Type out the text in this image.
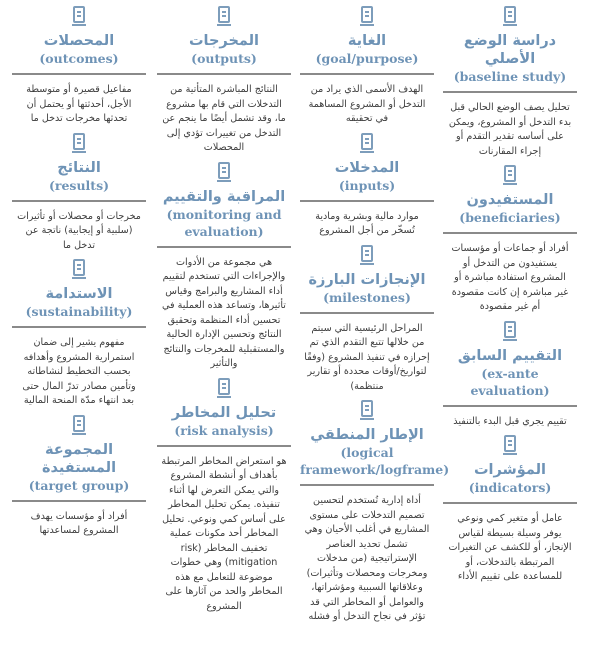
دراسة الوضع الأصلي
(baseline study)
تحليل يصف الوضع الحالي قبل بدء التدخل أو المشروع، ويمكن على أساسه تقدير التقدم أو إجراء المقارنات
المستفيدون
(beneficiaries)
أفراد أو جماعات أو مؤسسات يستفيدون من التدخل أو المشروع استفادة مباشرة أو غير مباشرة إن كانت مقصودة أم غير مقصودة
التقييم السابق
(ex-ante evaluation)
تقييم يجري قبل البدء بالتنفيذ
المؤشرات
(indicators)
عامل أو متغير كمي ونوعي يوفر وسيلة بسيطة لقياس الإنجاز، أو للكشف عن التغيرات المرتبطة بالتدخلات، أو للمساعدة على تقييم الأداء
الغاية
(goal/purpose)
الهدف الأسمى الذي يراد من التدخل أو المشروع المساهمة في تحقيقه
المدخلات
(inputs)
موارد مالية وبشرية ومادية تُسخّر من أجل المشروع
الإنجازات البارزة
(milestones)
المراحل الرئيسية التي سيتم من خلالها تتبع التقدم الذي تم إحرازه في تنفيذ المشروع (وفقًا لتواريخ/أوقات محددة أو تقارير منتظمة)
الإطار المنطقي
(logical framework/logframe)
أداة إدارية تُستخدم لتحسين تصميم التدخلات على مستوى المشاريع في أغلب الأحيان وهي تشمل تحديد العناصر الإستراتيجية (من مدخلات ومخرجات ومحصلات وتأثيرات) وعلاقاتها السببية ومؤشراتها، والعوامل أو المخاطر التي قد تؤثر في نجاح التدخل أو فشله
المخرجات
(outputs)
النتائج المباشرة المتأتية من التدخلات التي قام بها مشروع ما، وقد تشمل أيضًا ما ينجم عن التدخل من تغييرات تؤدي إلى المحصلات
المراقبة والتقييم
(monitoring and evaluation)
هي مجموعة من الأدوات والإجراءات التي تستخدم لتقييم أداء المشاريع والبرامج وقياس تأثيرها، وتساعد هذه العملية في تحسين أداء المنظمة وتحقيق النتائج وتحسين الإدارة الحالية والمستقبلية للمخرجات والنتائج والتأثير
تحليل المخاطر
(risk analysis)
هو استعراض المخاطر المرتبطة بأهداف أو أنشطة المشروع والتي يمكن التعرض لها أثناء تنفيذه. يمكن تحليل المخاطر على أساس كمي ونوعي. تحليل المخاطر أحد مكونات عملية تخفيف المخاطر (risk mitigation) وهي خطوات موضوعة للتعامل مع هذه المخاطر والحد من آثارها على المشروع
المحصلات
(outcomes)
مفاعيل قصيرة أو متوسطة الأجل، أحدثتها أو يحتمل أن تحدثها مخرجات تدخل ما
النتائج
(results)
مخرجات أو محصلات أو تأثيرات (سلبية أو إيجابية) ناتجة عن تدخل ما
الاستدامة
(sustainability)
مفهوم يشير إلى ضمان استمرارية المشروع وأهدافه بحسب التخطيط لنشاطاته وتأمين مصادر تدرّ المال حتى بعد انتهاء مدّة المنحة المالية
المجموعة المستفيدة
(target group)
أفراد أو مؤسسات يهدف المشروع لمساعدتها
